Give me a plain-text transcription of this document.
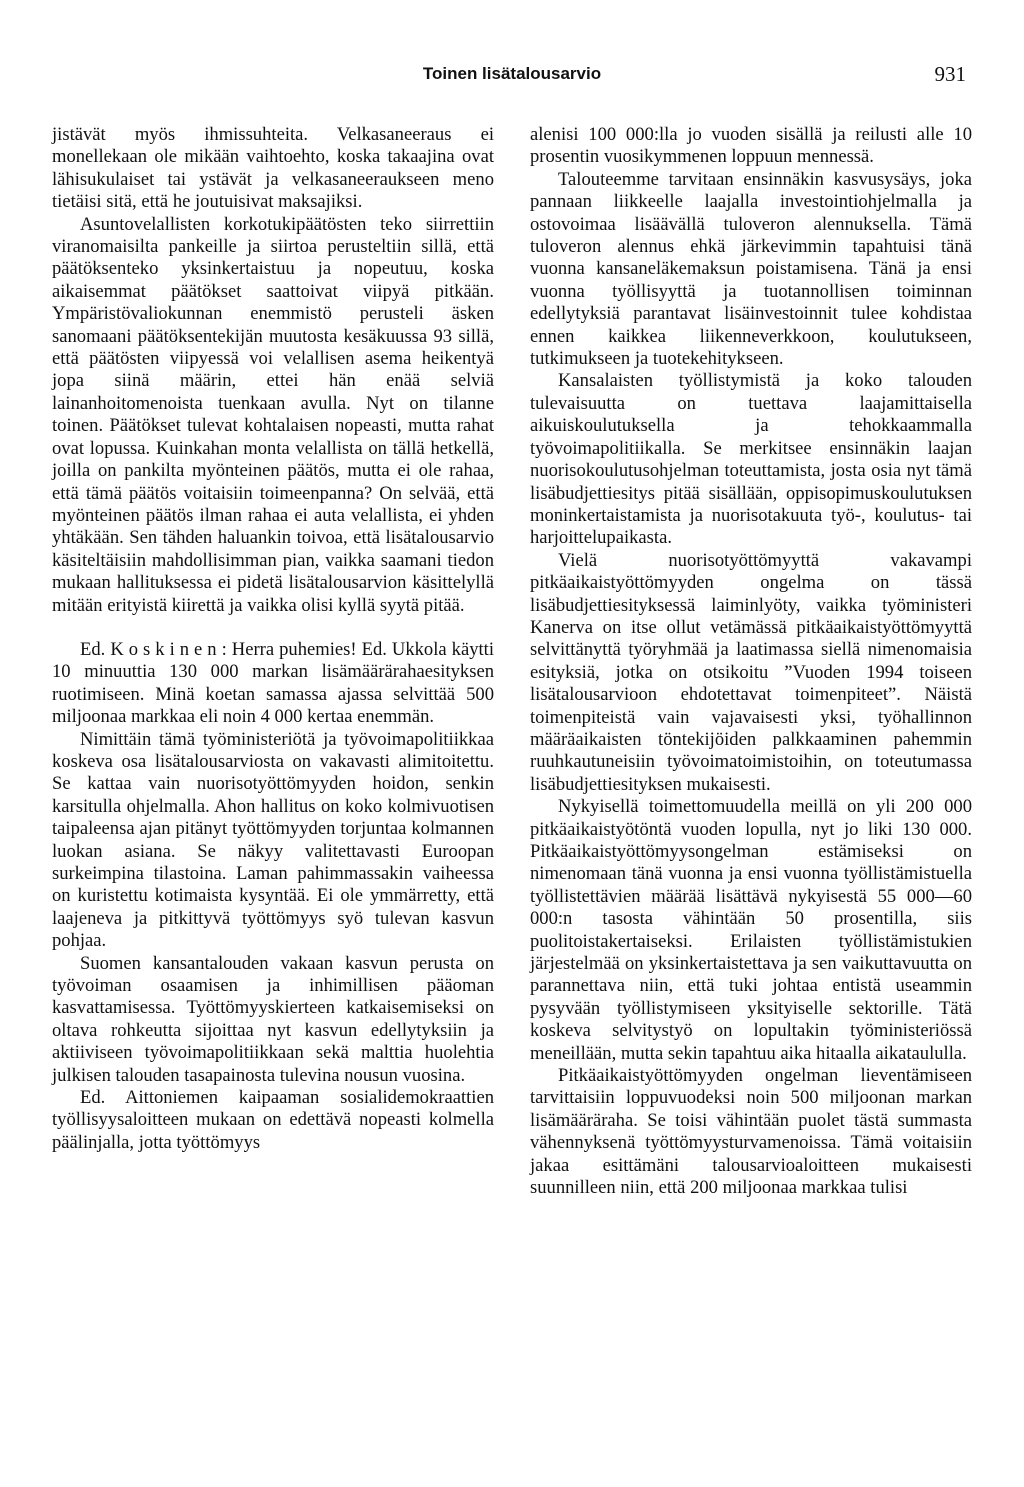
Toinen lisätalousarvio	931

jistävät myös ihmissuhteita. Velkasaneeraus ei monellekaan ole mikään vaihtoehto, koska takaajina ovat lähisukulaiset tai ystävät ja velkasaneeraukseen meno tietäisi sitä, että he joutuisivat maksajiksi.

Asuntovelallisten korkotukipäätösten teko siirrettiin viranomaisilta pankeille ja siirtoa perusteltiin sillä, että päätöksenteko yksinkertaistuu ja nopeutuu, koska aikaisemmat päätökset saattoivat viipyä pitkään. Ympäristövaliokunnan enemmistö perusteli äsken sanomaani päätöksentekijän muutosta kesäkuussa 93 sillä, että päätösten viipyessä voi velallisen asema heikentyä jopa siinä määrin, ettei hän enää selviä lainanhoitomenoista tuenkaan avulla. Nyt on tilanne toinen. Päätökset tulevat kohtalaisen nopeasti, mutta rahat ovat lopussa. Kuinkahan monta velallista on tällä hetkellä, joilla on pankilta myönteinen päätös, mutta ei ole rahaa, että tämä päätös voitaisiin toimeenpanna? On selvää, että myönteinen päätös ilman rahaa ei auta velallista, ei yhden yhtäkään. Sen tähden haluankin toivoa, että lisätalousarvio käsiteltäisiin mahdollisimman pian, vaikka saamani tiedon mukaan hallituksessa ei pidetä lisätalousarvion käsittelyllä mitään erityistä kiirettä ja vaikka olisi kyllä syytä pitää.

Ed. Koskinen: Herra puhemies! Ed. Ukkola käytti 10 minuuttia 130 000 markan lisämäärärahaesityksen ruotimiseen. Minä koetan samassa ajassa selvittää 500 miljoonaa markkaa eli noin 4 000 kertaa enemmän.

Nimittäin tämä työministeriötä ja työvoimapolitiikkaa koskeva osa lisätalousarviosta on vakavasti alimitoitettu. Se kattaa vain nuorisotyöttömyyden hoidon, senkin karsitulla ohjelmalla. Ahon hallitus on koko kolmivuotisen taipaleensa ajan pitänyt työttömyyden torjuntaa kolmannen luokan asiana. Se näkyy valitettavasti Euroopan surkeimpina tilastoina. Laman pahimmassakin vaiheessa on kuristettu kotimaista kysyntää. Ei ole ymmärretty, että laajeneva ja pitkittyvä työttömyys syö tulevan kasvun pohjaa.

Suomen kansantalouden vakaan kasvun perusta on työvoiman osaamisen ja inhimillisen pääoman kasvattamisessa. Työttömyyskierteen katkaisemiseksi on oltava rohkeutta sijoittaa nyt kasvun edellytyksiin ja aktiiviseen työvoimapolitiikkaan sekä malttia huolehtia julkisen talouden tasapainosta tulevina nousun vuosina.

Ed. Aittoniemen kaipaaman sosialidemokraattien työllisyysaloitteen mukaan on edettävä nopeasti kolmella päälinjalla, jotta työttömyys

alenisi 100 000:lla jo vuoden sisällä ja reilusti alle 10 prosentin vuosikymmenen loppuun mennessä.

Talouteemme tarvitaan ensinnäkin kasvusysäys, joka pannaan liikkeelle laajalla investointiohjelmalla ja ostovoimaa lisäävällä tuloveron alennuksella. Tämä tuloveron alennus ehkä järkevimmin tapahtuisi tänä vuonna kansaneläkemaksun poistamisena. Tänä ja ensi vuonna työllisyyttä ja tuotannollisen toiminnan edellytyksiä parantavat lisäinvestoinnit tulee kohdistaa ennen kaikkea liikenneverkkoon, koulutukseen, tutkimukseen ja tuotekehitykseen.

Kansalaisten työllistymistä ja koko talouden tulevaisuutta on tuettava laajamittaisella aikuiskoulutuksella ja tehokkaammalla työvoimapolitiikalla. Se merkitsee ensinnäkin laajan nuorisokoulutusohjelman toteuttamista, josta osia nyt tämä lisäbudjettiesitys pitää sisällään, oppisopimuskoulutuksen moninkertaistamista ja nuorisotakuuta työ-, koulutus- tai harjoittelupaikasta.

Vielä nuorisotyöttömyyttä vakavampi pitkäaikaistyöttömyyden ongelma on tässä lisäbudjettiesityksessä laiminlyöty, vaikka työministeri Kanerva on itse ollut vetämässä pitkäaikaistyöttömyyttä selvittänyttä työryhmää ja laatimassa siellä nimenomaisia esityksiä, jotka on otsikoitu ”Vuoden 1994 toiseen lisätalousarvioon ehdotettavat toimenpiteet”. Näistä toimenpiteistä vain vajavaisesti yksi, työhallinnon määräaikaisten töntekijöiden palkkaaminen pahemmin ruuhkautuneisiin työvoimatoimistoihin, on toteutumassa lisäbudjettiesityksen mukaisesti.

Nykyisellä toimettomuudella meillä on yli 200 000 pitkäaikaistyötöntä vuoden lopulla, nyt jo liki 130 000. Pitkäaikaistyöttömyysongelman estämiseksi on nimenomaan tänä vuonna ja ensi vuonna työllistämistuella työllistettävien määrää lisättävä nykyisestä 55 000—60 000:n tasosta vähintään 50 prosentilla, siis puolitoistakertaiseksi. Erilaisten työllistämistukien järjestelmää on yksinkertaistettava ja sen vaikuttavuutta on parannettava niin, että tuki johtaa entistä useammin pysyvään työllistymiseen yksityiselle sektorille. Tätä koskeva selvitystyö on lopultakin työministeriössä meneillään, mutta sekin tapahtuu aika hitaalla aikataululla.

Pitkäaikaistyöttömyyden ongelman lieventämiseen tarvittaisiin loppuvuodeksi noin 500 miljoonan markan lisämääräraha. Se toisi vähintään puolet tästä summasta vähennyksenä työttömyysturvamenoissa. Tämä voitaisiin jakaa esittämäni talousarvioaloitteen mukaisesti suunnilleen niin, että 200 miljoonaa markkaa tulisi
